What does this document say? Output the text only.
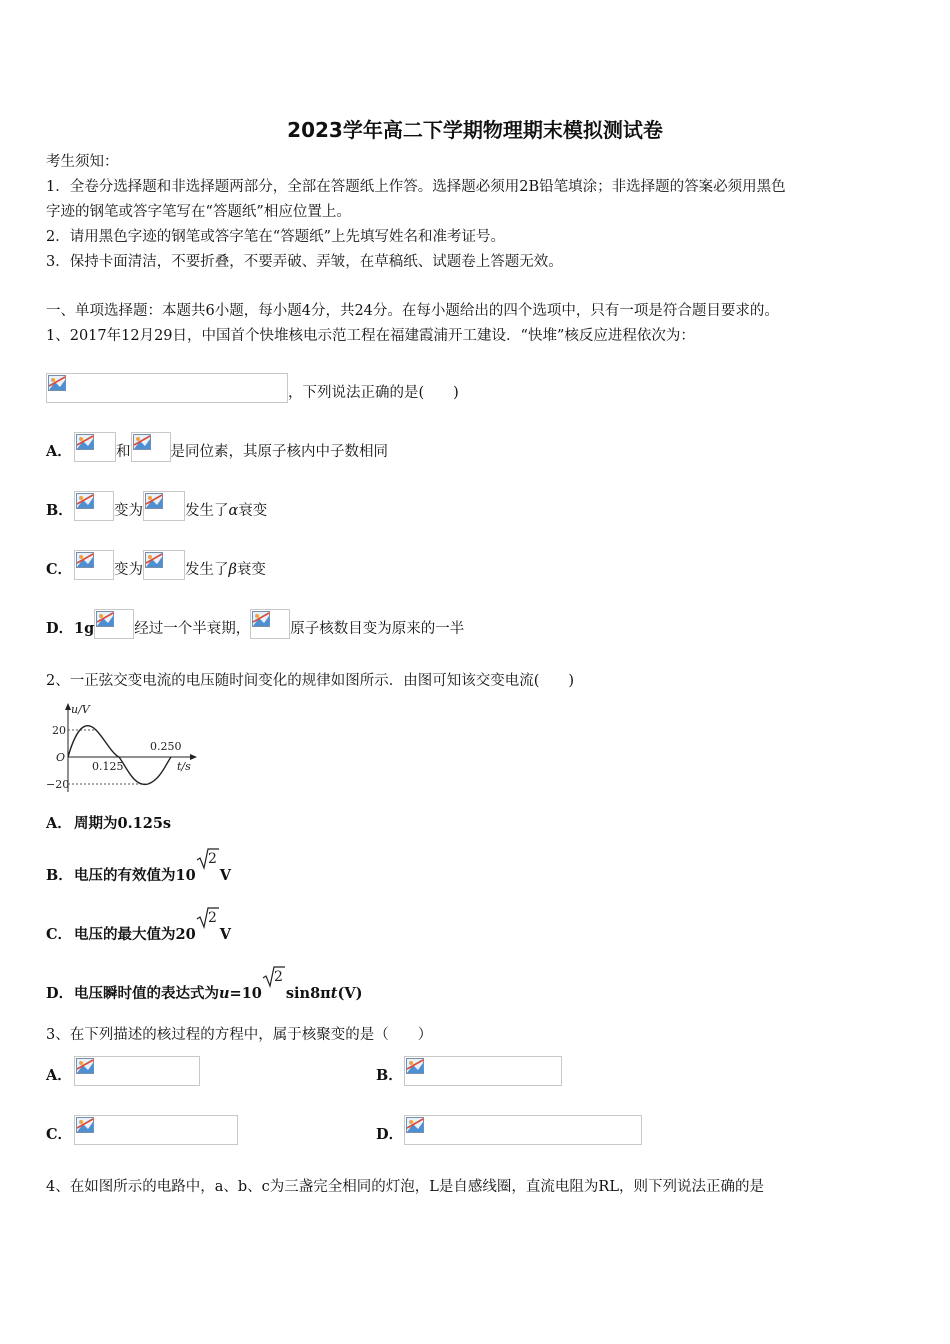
2023学年高二下学期物理期末模拟测试卷
考生须知：
1．全卷分选择题和非选择题两部分，全部在答题纸上作答。选择题必须用2B铅笔填涂；非选择题的答案必须用黑色
字迹的钢笔或答字笔写在“答题纸”相应位置上。
2．请用黑色字迹的钢笔或答字笔在“答题纸”上先填写姓名和准考证号。
3．保持卡面清洁，不要折叠，不要弄破、弄皱，在草稿纸、试题卷上答题无效。
一、单项选择题：本题共6小题，每小题4分，共24分。在每小题给出的四个选项中，只有一项是符合题目要求的。
1、2017年12月29日，中国首个快堆核电示范工程在福建霞浦开工建设．“快堆”核反应进程依次为：
，下列说法正确的是(　　)
A．	和	是同位素，其原子核内中子数相同
B．	变为	发生了α衰变
C．	变为	发生了β衰变
D．1g	经过一个半衰期，	原子核数目变为原来的一半
2、一正弦交变电流的电压随时间变化的规律如图所示．由图可知该交变电流(　　)
u/V
20
O
−20
0.125
0.250
t/s
A． 周期为0.125s
B．电压的有效值为10
2
V
C． 电压的最大值为20
2
V
D．电压瞬时值的表达式为u=10
2
sin8πt(V)
3、在下列描述的核过程的方程中，属于核聚变的是（　　）
A．	B．
C．	D．
4、在如图所示的电路中，a、b、c为三盏完全相同的灯泡，L是自感线圈，直流电阻为RL，则下列说法正确的是
